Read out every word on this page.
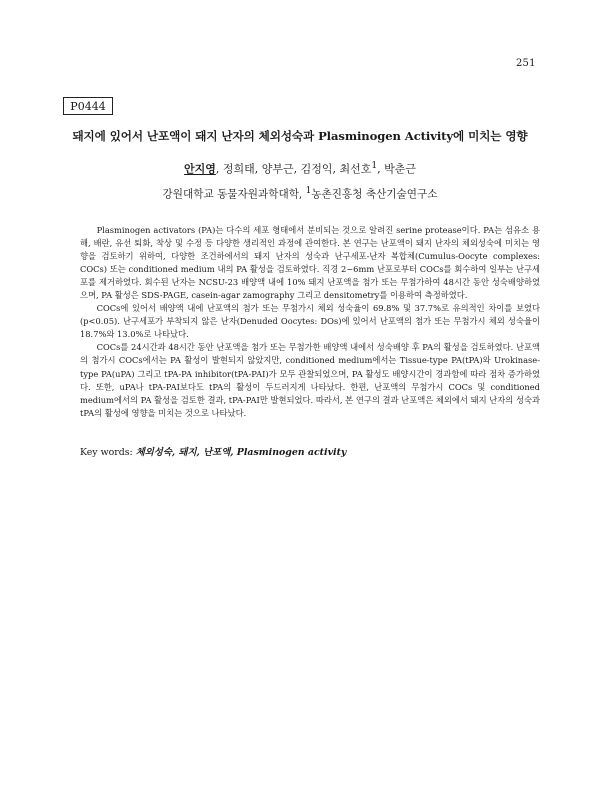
251
P0444
돼지에 있어서 난포액이 돼지 난자의 체외성숙과 Plasminogen Activity에 미치는 영향
안지영, 정희태, 양부근, 김정익, 최선호$^1$, 박춘근
강원대학교 동물자원과학대학, $^1$농촌진흥청 축산기술연구소

Plasminogen activators (PA)는 다수의 세포 형태에서 분비되는 것으로 알려진 serine protease이다. PA는 섬유소 용해, 배란, 유선 퇴화, 착상 및 수정 등 다양한 생리적인 과정에 관여한다. 본 연구는 난포액이 돼지 난자의 체외성숙에 미치는 영향을 검토하기 위하여, 다양한 조건하에서의 돼지 난자의 성숙과 난구세포-난자 복합체(Cumulus-Oocyte complexes: COCs) 또는 conditioned medium 내의 PA 활성을 검토하였다. 직경 2~6mm 난포로부터 COCs를 회수하여 일부는 난구세포를 제거하였다. 회수된 난자는 NCSU-23 배양액 내에 10% 돼지 난포액을 첨가 또는 무첨가하여 48시간 동안 성숙배양하였으며, PA 활성은 SDS-PAGE, casein-agar zamography 그리고 densitometry를 이용하여 측정하였다.

COCs에 있어서 배양액 내에 난포액의 첨가 또는 무첨가시 체외 성숙율이 69.8% 및 37.7%로 유의적인 차이를 보였다(p<0.05). 난구세포가 부착되지 않은 난자(Denuded Oocytes: DOs)에 있어서 난포액의 첨가 또는 무첨가시 체외 성숙율이 18.7%와 13.0%로 나타났다.

COCs를 24시간과 48시간 동안 난포액을 첨가 또는 무첨가한 배양액 내에서 성숙배양 후 PA의 활성을 검토하였다. 난포액의 첨가시 COCs에서는 PA 활성이 발현되지 않았지만, conditioned medium에서는 Tissue-type PA(tPA)와 Urokinase-type PA(uPA) 그리고 tPA-PA inhibitor(tPA-PAI)가 모두 관찰되었으며, PA 활성도 배양시간이 경과함에 따라 점차 증가하였다. 또한, uPA나 tPA-PAI보다도 tPA의 활성이 두드러지게 나타났다. 한편, 난포액의 무첨가시 COCs 및 conditioned medium에서의 PA 활성을 검토한 결과, tPA-PAI만 발현되었다. 따라서, 본 연구의 결과 난포액은 체외에서 돼지 난자의 성숙과 tPA의 활성에 영향을 미치는 것으로 나타났다.

Key words: 체외성숙, 돼지, 난포액, Plasminogen activity
